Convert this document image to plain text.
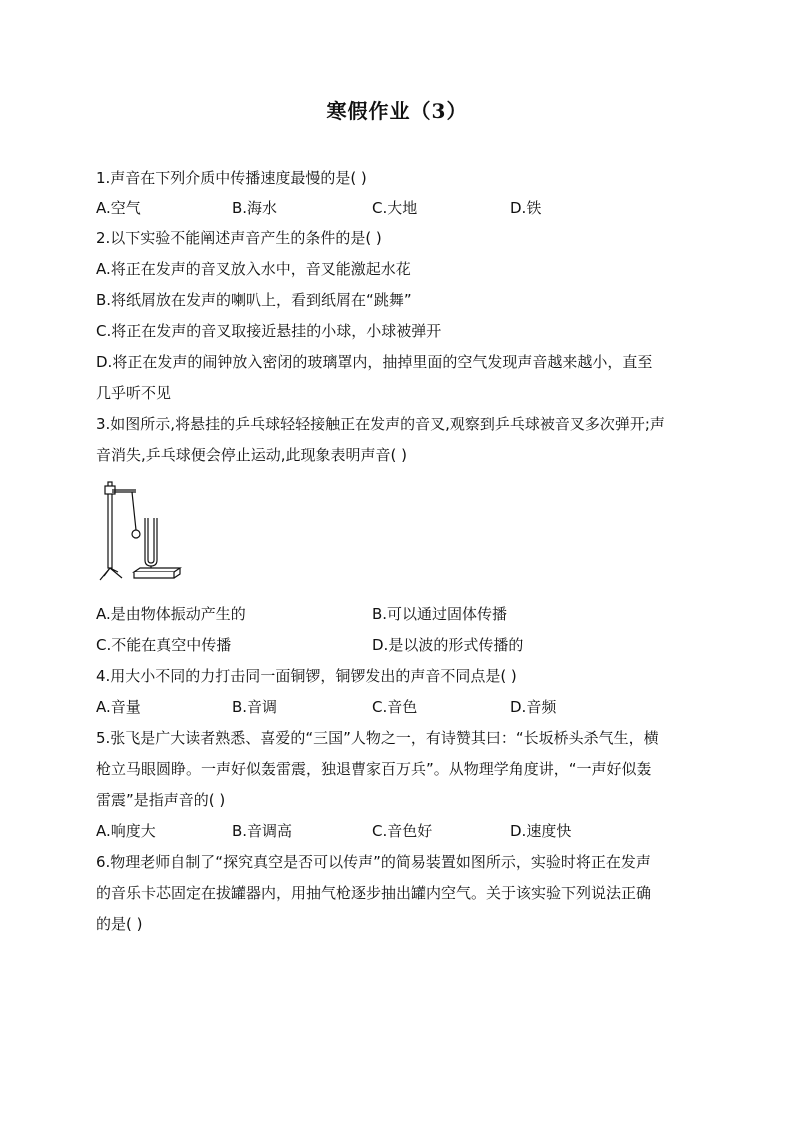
寒假作业（3）
1.声音在下列介质中传播速度最慢的是( )
A.空气	B.海水	C.大地	D.铁
2.以下实验不能阐述声音产生的条件的是( )
A.将正在发声的音叉放入水中，音叉能激起水花
B.将纸屑放在发声的喇叭上，看到纸屑在“跳舞”
C.将正在发声的音叉取接近悬挂的小球，小球被弹开
D.将正在发声的闹钟放入密闭的玻璃罩内，抽掉里面的空气发现声音越来越小，直至
几乎听不见
3.如图所示,将悬挂的乒乓球轻轻接触正在发声的音叉,观察到乒乓球被音叉多次弹开;声
音消失,乒乓球便会停止运动,此现象表明声音( )
A.是由物体振动产生的	B.可以通过固体传播
C.不能在真空中传播	D.是以波的形式传播的
4.用大小不同的力打击同一面铜锣，铜锣发出的声音不同点是( )
A.音量	B.音调	C.音色	D.音频
5.张飞是广大读者熟悉、喜爱的“三国”人物之一，有诗赞其曰：“长坂桥头杀气生，横
枪立马眼圆睁。一声好似轰雷震，独退曹家百万兵”。从物理学角度讲，“一声好似轰
雷震”是指声音的( )
A.响度大	B.音调高	C.音色好	D.速度快
6.物理老师自制了“探究真空是否可以传声”的简易装置如图所示，实验时将正在发声
的音乐卡芯固定在拔罐器内，用抽气枪逐步抽出罐内空气。关于该实验下列说法正确
的是( )
